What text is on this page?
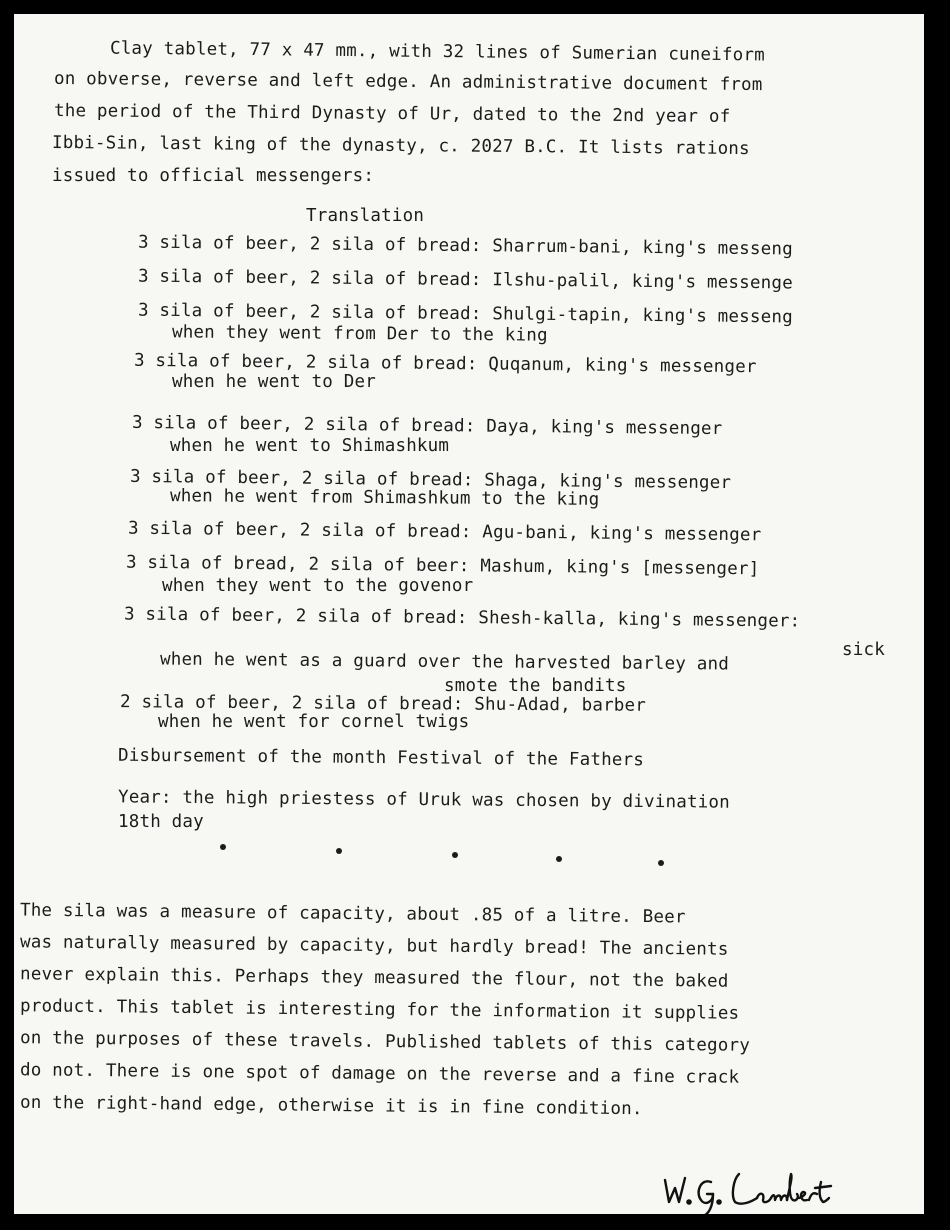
Clay tablet, 77 x 47 mm., with 32 lines of Sumerian cuneiform
on obverse, reverse and left edge. An administrative document from
the period of the Third Dynasty of Ur, dated to the 2nd year of
Ibbi-Sin, last king of the dynasty, c. 2027 B.C. It lists rations
issued to official messengers:
Translation
3 sila of beer, 2 sila of bread: Sharrum-bani, king's messeng
3 sila of beer, 2 sila of bread: Ilshu-palil, king's messenge
3 sila of beer, 2 sila of bread: Shulgi-tapin, king's messeng
when they went from Der to the king
3 sila of beer, 2 sila of bread: Quqanum, king's messenger
when he went to Der
3 sila of beer, 2 sila of bread: Daya, king's messenger
when he went to Shimashkum
3 sila of beer, 2 sila of bread: Shaga, king's messenger
when he went from Shimashkum to the king
3 sila of beer, 2 sila of bread: Agu-bani, king's messenger
3 sila of bread, 2 sila of beer: Mashum, king's [messenger]
when they went to the govenor
3 sila of beer, 2 sila of bread: Shesh-kalla, king's messenger:
sick
when he went as a guard over the harvested barley and
smote the bandits
2 sila of beer, 2 sila of bread: Shu-Adad, barber
when he went for cornel twigs
Disbursement of the month Festival of the Fathers
Year: the high priestess of Uruk was chosen by divination
18th day
The sila was a measure of capacity, about .85 of a litre. Beer
was naturally measured by capacity, but hardly bread! The ancients
never explain this. Perhaps they measured the flour, not the baked
product. This tablet is interesting for the information it supplies
on the purposes of these travels. Published tablets of this category
do not. There is one spot of damage on the reverse and a fine crack
on the right-hand edge, otherwise it is in fine condition.
